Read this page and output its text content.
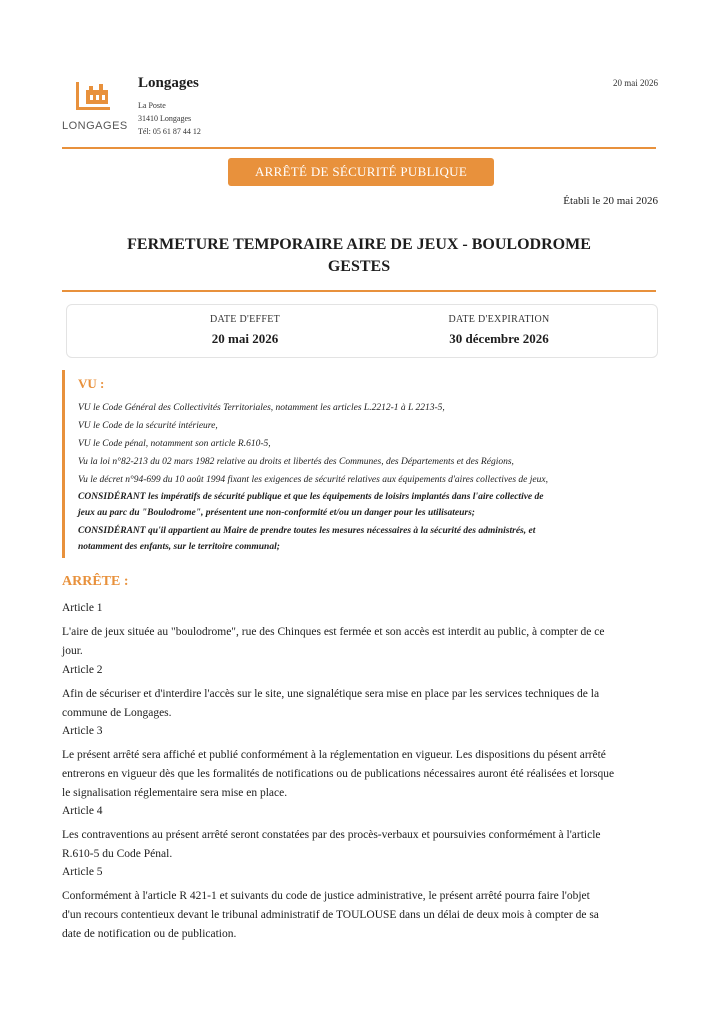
LONGAGES
Longages
La Poste
31410 Longages
Tél: 05 61 87 44 12
20 mai 2026
ARRÊTÉ DE SÉCURITÉ PUBLIQUE
Établi le 20 mai 2026
FERMETURE TEMPORAIRE AIRE DE JEUX - BOULODROME
GESTES
DATE D'EFFET
20 mai 2026
DATE D'EXPIRATION
30 décembre 2026
VU :
VU le Code Général des Collectivités Territoriales, notamment les articles L.2212-1 à L 2213-5,
VU le Code de la sécurité intérieure,
VU le Code pénal, notamment son article R.610-5,
Vu la loi n°82-213 du 02 mars 1982 relative au droits et libertés des Communes, des Départements et des Régions,
Vu le décret n°94-699 du 10 août 1994 fixant les exigences de sécurité relatives aux équipements d'aires collectives de jeux,
CONSIDÉRANT les impératifs de sécurité publique et que les équipements de loisirs implantés dans l'aire collective de
jeux au parc du "Boulodrome", présentent une non-conformité et/ou un danger pour les utilisateurs;
CONSIDÉRANT qu'il appartient au Maire de prendre toutes les mesures nécessaires à la sécurité des administrés, et
notamment des enfants, sur le territoire communal;
ARRÊTE :
Article 1
L'aire de jeux située au "boulodrome", rue des Chinques est fermée et son accès est interdit au public, à compter de ce
jour.
Article 2
Afin de sécuriser et d'interdire l'accès sur le site, une signalétique sera mise en place par les services techniques de la
commune de Longages.
Article 3
Le présent arrêté sera affiché et publié conformément à la réglementation en vigueur. Les dispositions du pésent arrêté
entrerons en vigueur dès que les formalités de notifications ou de publications nécessaires auront été réalisées et lorsque
le signalisation réglementaire sera mise en place.
Article 4
Les contraventions au présent arrêté seront constatées par des procès-verbaux et poursuivies conformément à l'article
R.610-5 du Code Pénal.
Article 5
Conformément à l'article R 421-1 et suivants du code de justice administrative, le présent arrêté pourra faire l'objet
d'un recours contentieux devant le tribunal administratif de TOULOUSE dans un délai de deux mois à compter de sa
date de notification ou de publication.
